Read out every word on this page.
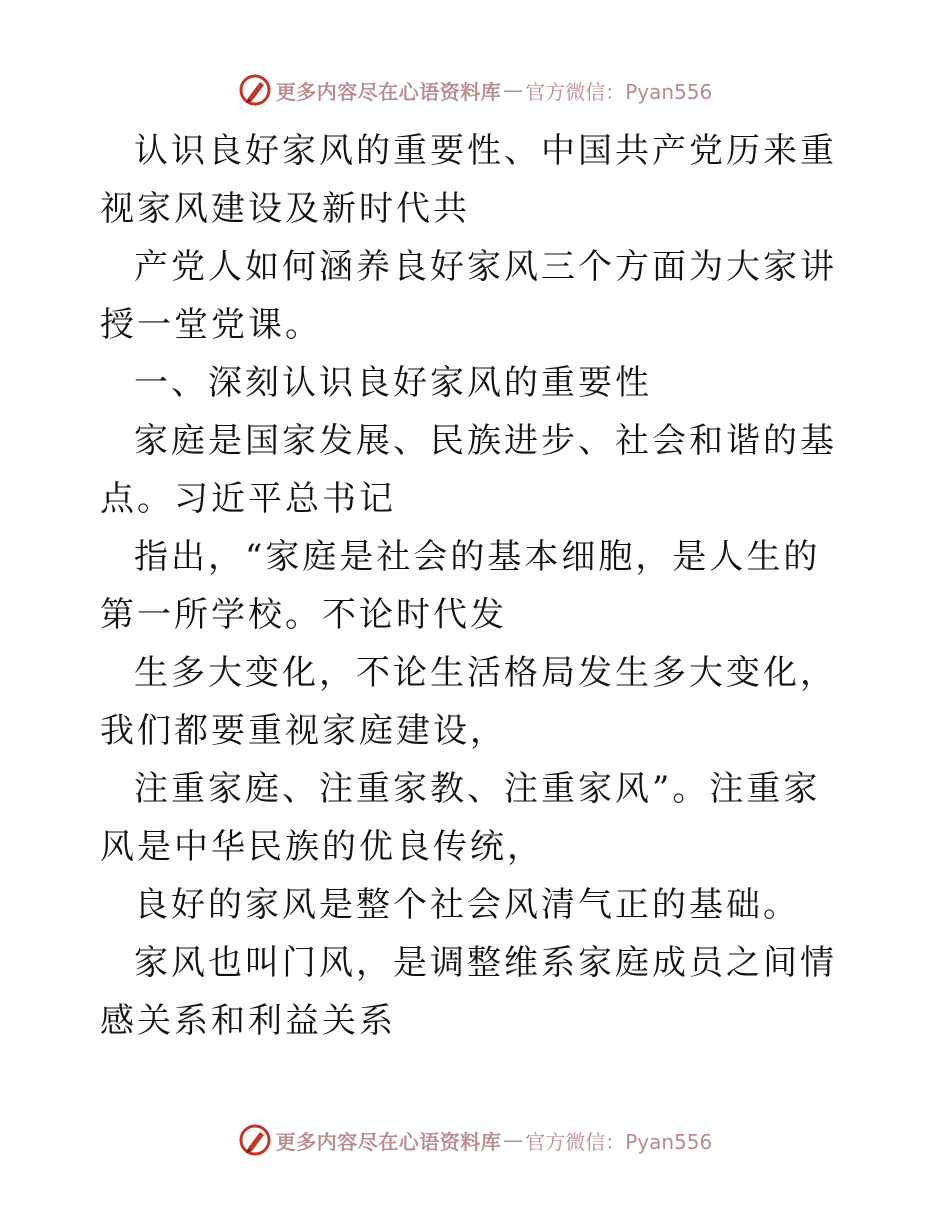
更多内容尽在心语资料库 — 官方微信：Pyan556

认识良好家风的重要性、中国共产党历来重视家风建设及新时代共

产党人如何涵养良好家风三个方面为大家讲授一堂党课。

一、深刻认识良好家风的重要性

家庭是国家发展、民族进步、社会和谐的基点。习近平总书记

指出，“家庭是社会的基本细胞，是人生的第一所学校。不论时代发

生多大变化，不论生活格局发生多大变化，我们都要重视家庭建设，

注重家庭、注重家教、注重家风”。注重家风是中华民族的优良传统，

良好的家风是整个社会风清气正的基础。

家风也叫门风，是调整维系家庭成员之间情感关系和利益关系

更多内容尽在心语资料库 — 官方微信：Pyan556
